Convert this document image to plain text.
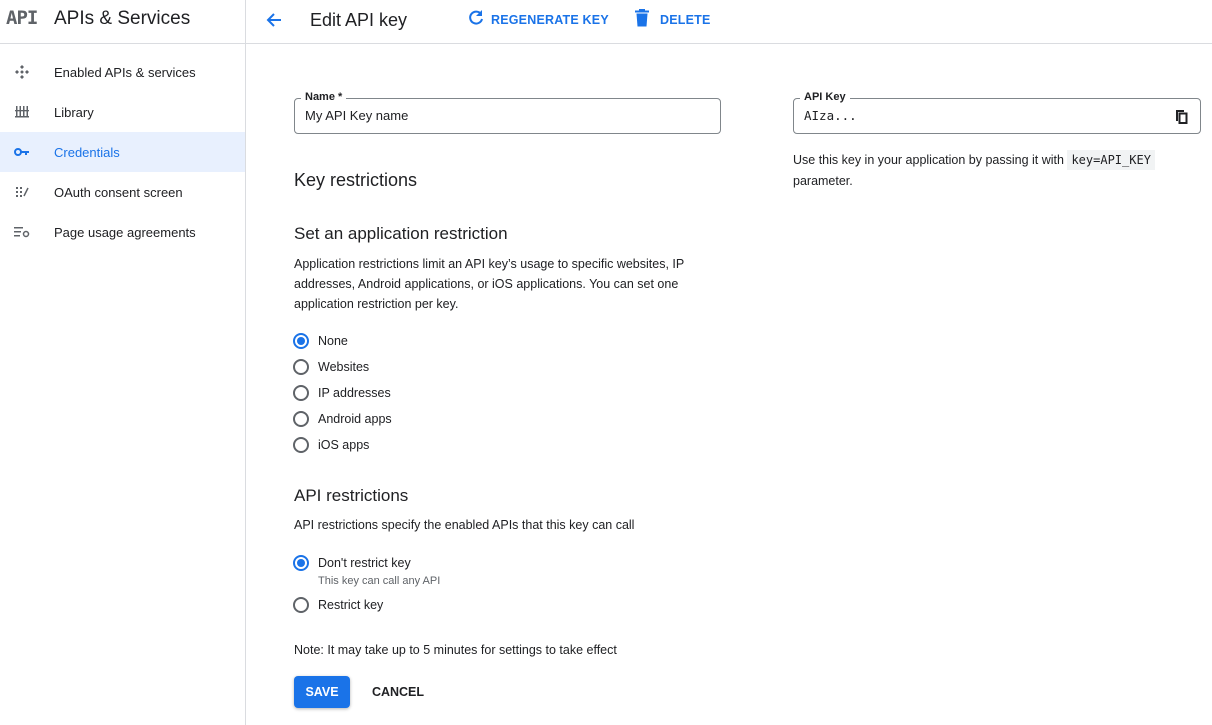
API APIs & Services
Enabled APIs & services
Library
Credentials
OAuth consent screen
Page usage agreements
Edit API key	REGENERATE KEY	DELETE
Name *
My API Key name
Key restrictions
Set an application restriction

Application restrictions limit an API key’s usage to specific websites, IP addresses, Android applications, or iOS applications. You can set one application restriction per key.

None
Websites
IP addresses
Android apps
iOS apps
API restrictions

API restrictions specify the enabled APIs that this key can call

Don't restrict key
This key can call any API
Restrict key

Note: It may take up to 5 minutes for settings to take effect

SAVE	CANCEL
API Key
AIza...

Use this key in your application by passing it with key=API_KEY
parameter.
